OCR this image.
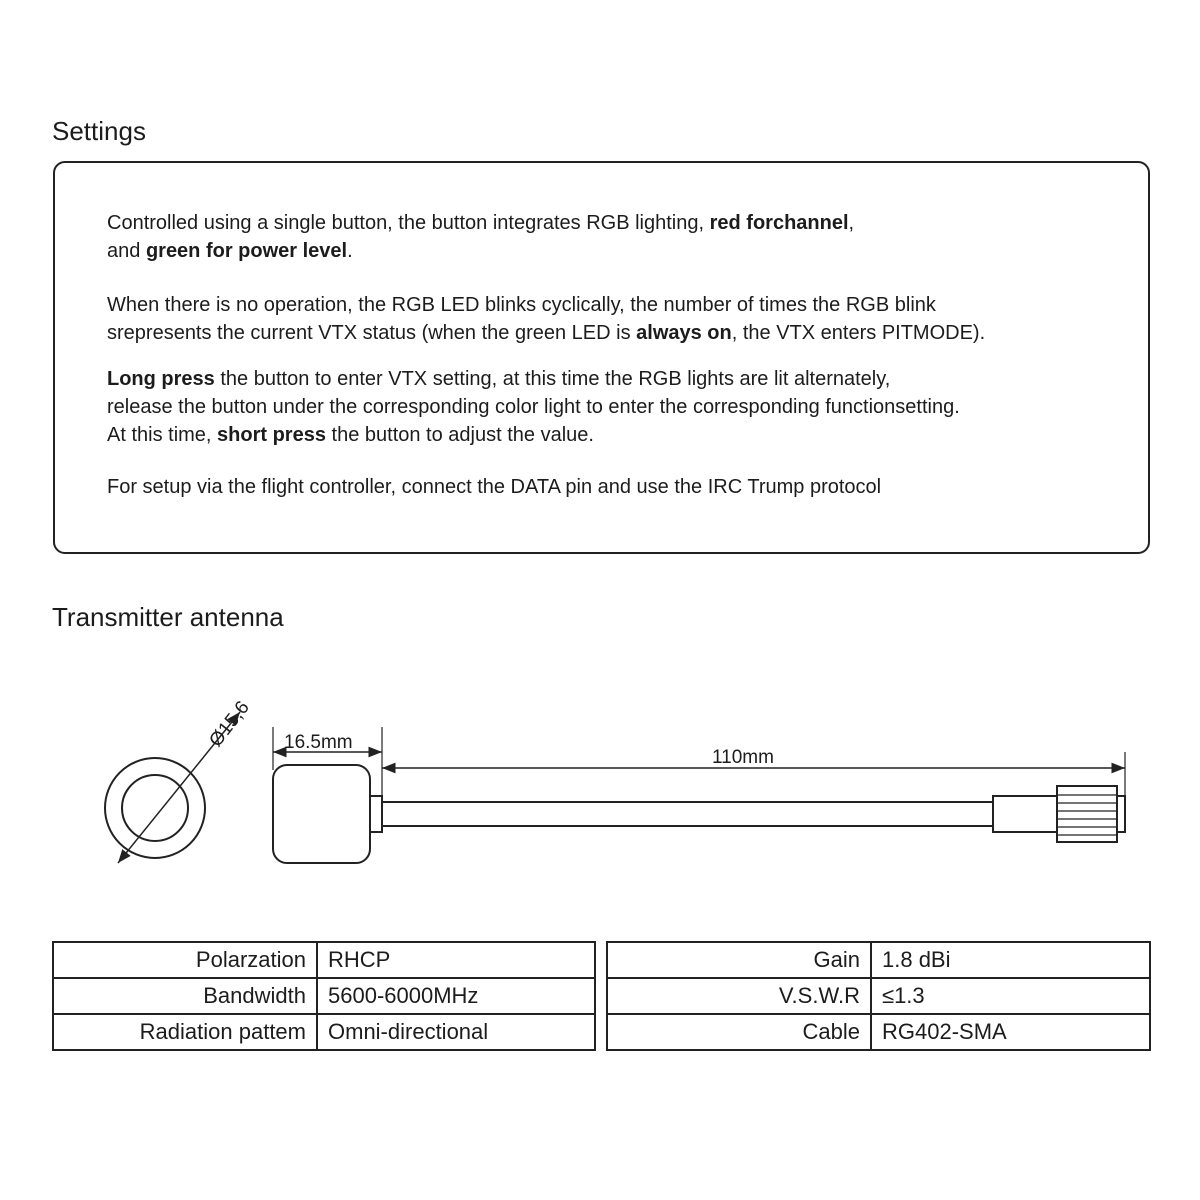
Settings

Controlled using a single button, the button integrates RGB lighting, red forchannel,
and green for power level.

When there is no operation, the RGB LED blinks cyclically, the number of times the RGB blink
srepresents the current VTX status (when the green LED is always on, the VTX enters PITMODE).

Long press the button to enter VTX setting, at this time the RGB lights are lit alternately,
release the button under the corresponding color light to enter the corresponding functionsetting.
At this time, short press the button to adjust the value.

For setup via the flight controller, connect the DATA pin and use the IRC Trump protocol

Transmitter antenna
Ø15,6 16.5mm
110mm
Polarzation	RHCP
Bandwidth	5600-6000MHz
Radiation pattem	Omni-directional
Gain	1.8 dBi
V.S.W.R	≤1.3
Cable	RG402-SMA
